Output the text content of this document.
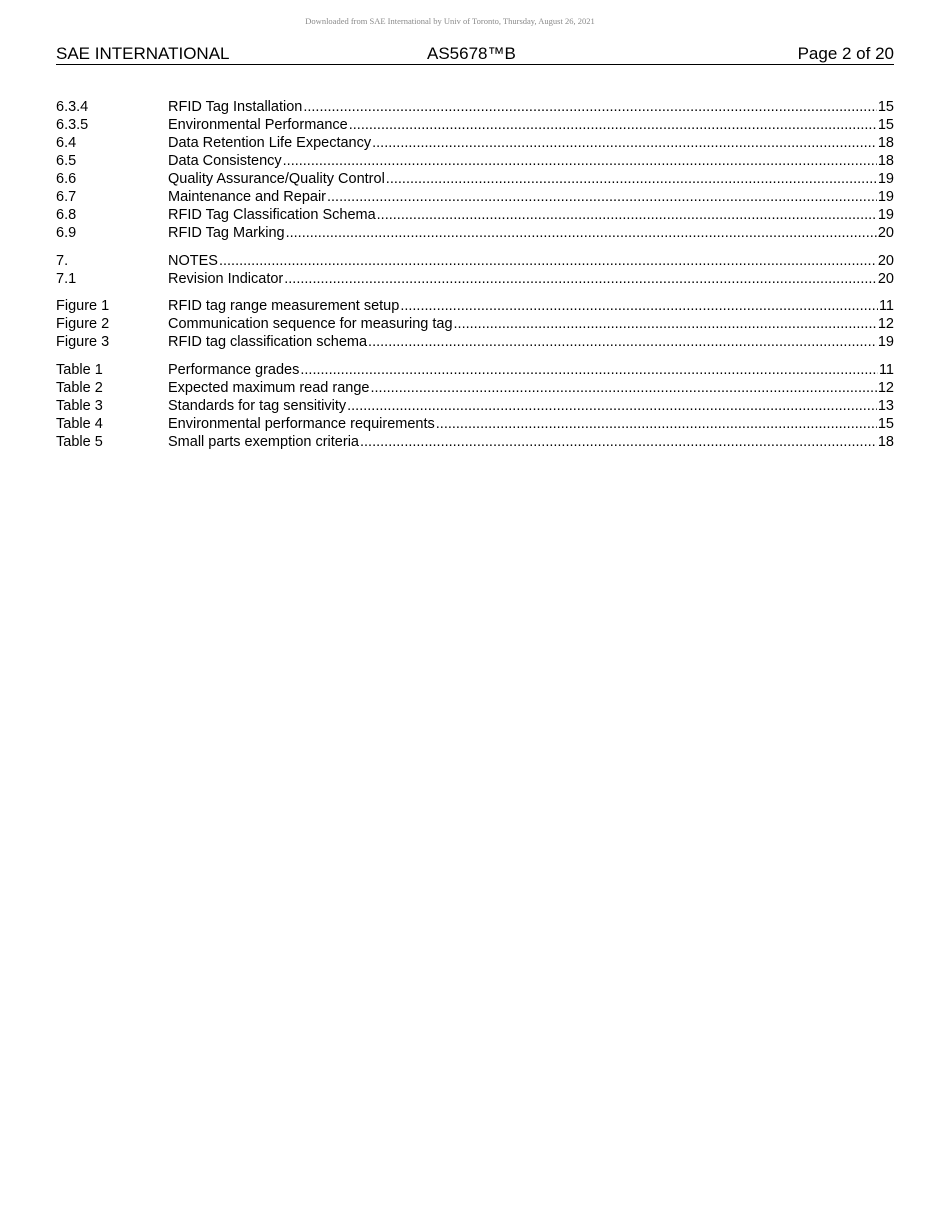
Downloaded from SAE International by Univ of Toronto, Thursday, August 26, 2021
SAE INTERNATIONAL	AS5678™B	Page 2 of 20
6.3.4	RFID Tag Installation .....	15
6.3.5	Environmental Performance .....	15
6.4	Data Retention Life Expectancy .....	18
6.5	Data Consistency .....	18
6.6	Quality Assurance/Quality Control .....	19
6.7	Maintenance and Repair .....	19
6.8	RFID Tag Classification Schema .....	19
6.9	RFID Tag Marking .....	20
7.	NOTES .....	20
7.1	Revision Indicator .....	20
Figure 1	RFID tag range measurement setup .....	11
Figure 2	Communication sequence for measuring tag .....	12
Figure 3	RFID tag classification schema .....	19
Table 1	Performance grades .....	11
Table 2	Expected maximum read range .....	12
Table 3	Standards for tag sensitivity .....	13
Table 4	Environmental performance requirements .....	15
Table 5	Small parts exemption criteria .....	18
